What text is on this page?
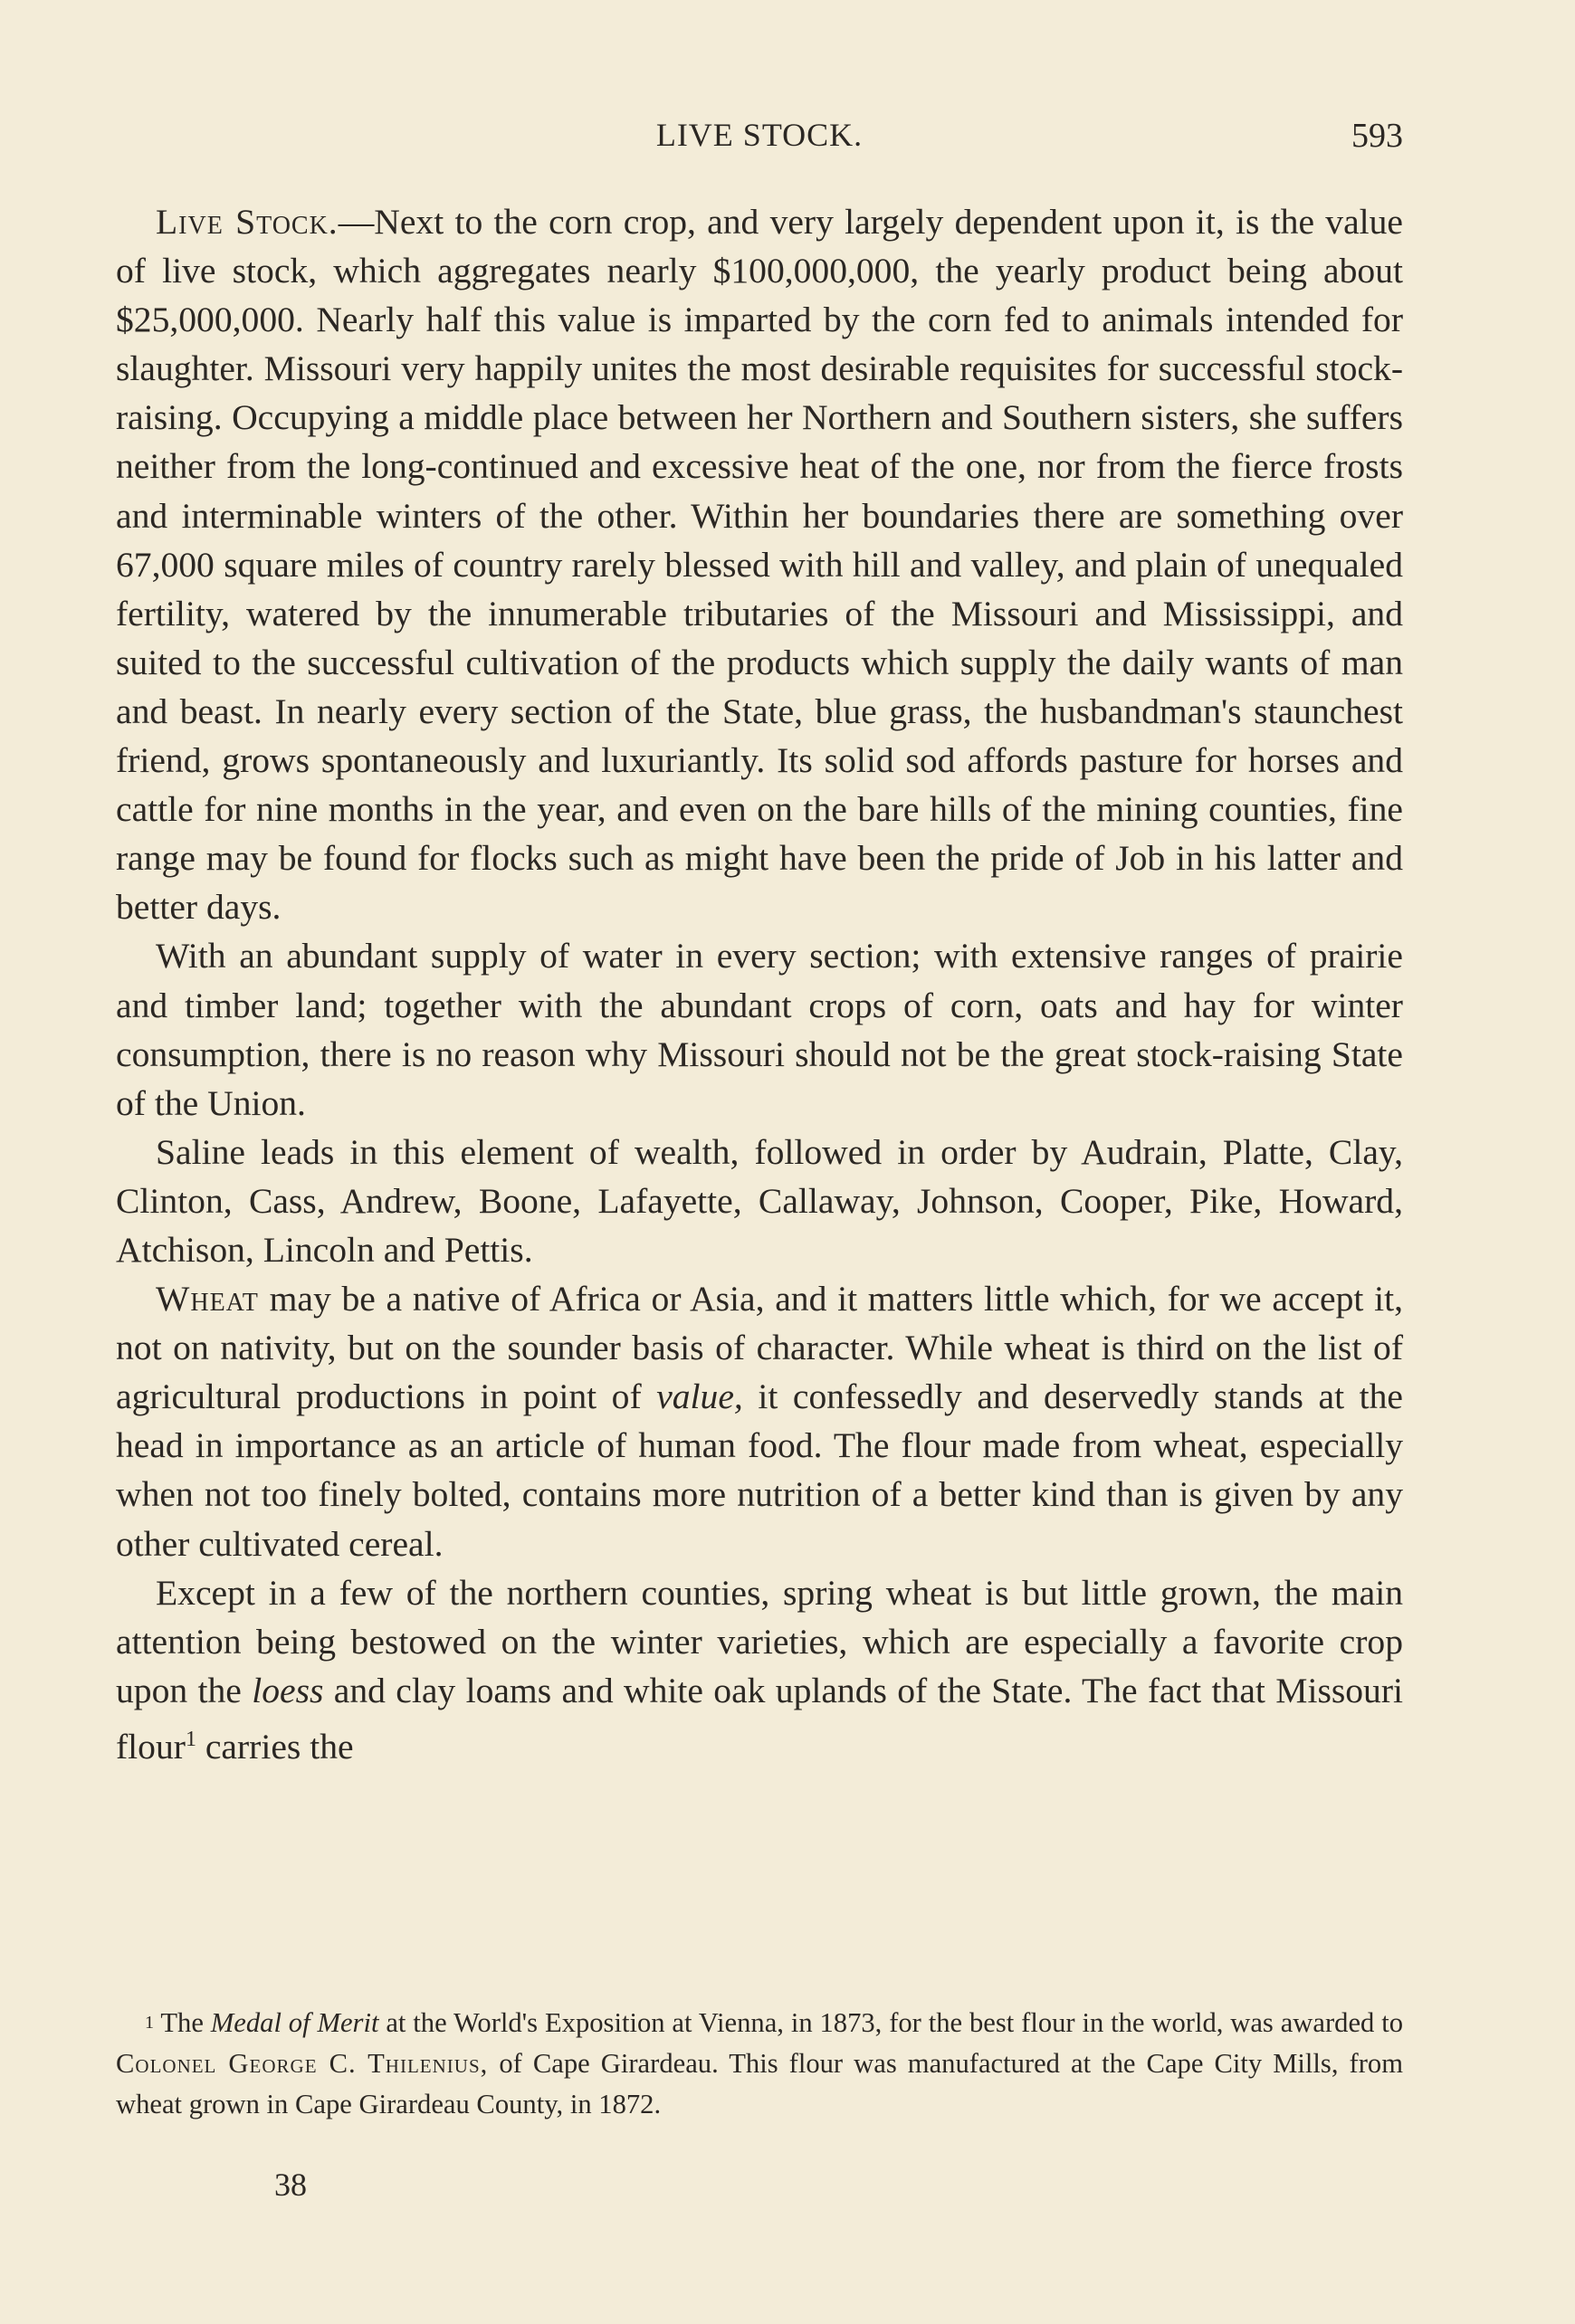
LIVE STOCK.	593

Live Stock.—Next to the corn crop, and very largely dependent upon it, is the value of live stock, which aggregates nearly $100,000,000, the yearly product being about $25,000,000. Nearly half this value is imparted by the corn fed to animals intended for slaughter. Missouri very happily unites the most desirable requisites for successful stock-raising. Occupying a middle place between her Northern and Southern sisters, she suffers neither from the long-continued and excessive heat of the one, nor from the fierce frosts and interminable winters of the other. Within her boundaries there are something over 67,000 square miles of country rarely blessed with hill and valley, and plain of unequaled fertility, watered by the innumerable tributaries of the Missouri and Mississippi, and suited to the successful cultivation of the products which supply the daily wants of man and beast. In nearly every section of the State, blue grass, the husbandman's staunchest friend, grows spontaneously and luxuriantly. Its solid sod affords pasture for horses and cattle for nine months in the year, and even on the bare hills of the mining counties, fine range may be found for flocks such as might have been the pride of Job in his latter and better days.

With an abundant supply of water in every section; with extensive ranges of prairie and timber land; together with the abundant crops of corn, oats and hay for winter consumption, there is no reason why Missouri should not be the great stock-raising State of the Union.

Saline leads in this element of wealth, followed in order by Audrain, Platte, Clay, Clinton, Cass, Andrew, Boone, Lafayette, Callaway, Johnson, Cooper, Pike, Howard, Atchison, Lincoln and Pettis.

Wheat may be a native of Africa or Asia, and it matters little which, for we accept it, not on nativity, but on the sounder basis of character. While wheat is third on the list of agricultural productions in point of value, it confessedly and deservedly stands at the head in importance as an article of human food. The flour made from wheat, especially when not too finely bolted, contains more nutrition of a better kind than is given by any other cultivated cereal.

Except in a few of the northern counties, spring wheat is but little grown, the main attention being bestowed on the winter varieties, which are especially a favorite crop upon the loess and clay loams and white oak uplands of the State. The fact that Missouri flour$^1$ carries the

1 The Medal of Merit at the World's Exposition at Vienna, in 1873, for the best flour in the world, was awarded to Colonel George C. Thilenius, of Cape Girardeau. This flour was manufactured at the Cape City Mills, from wheat grown in Cape Girardeau County, in 1872.

38
